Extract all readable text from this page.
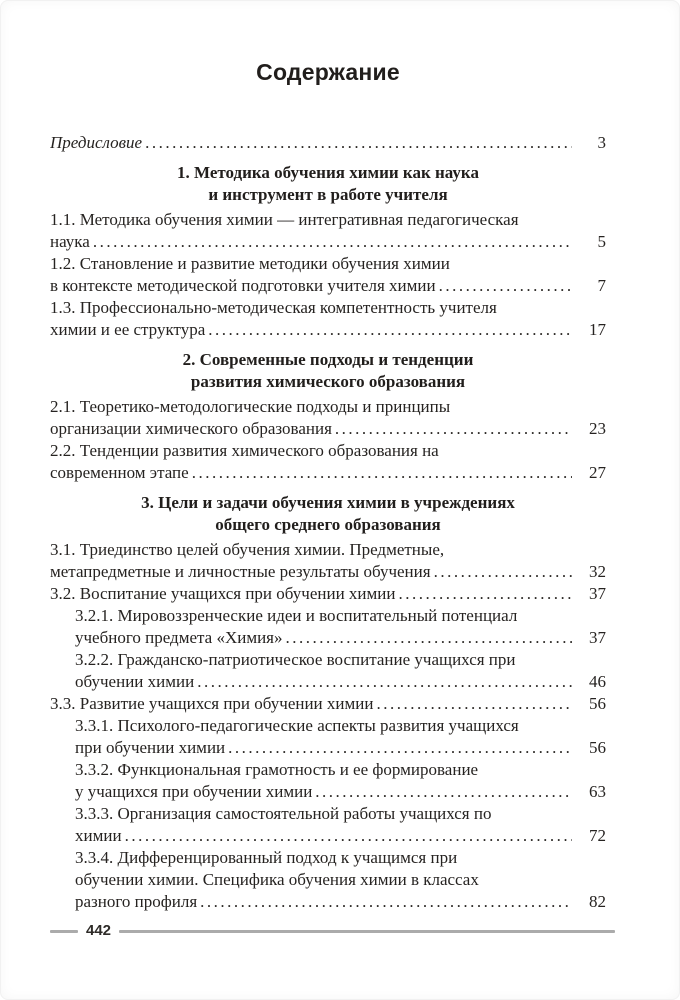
Содержание
Предисловие .....	3
1. Методика обучения химии как наука
и инструмент в работе учителя
1.1. Методика обучения химии — интегративная педагогическая
наука .....	5
1.2. Становление и развитие методики обучения химии
в контексте методической подготовки учителя химии .....	7
1.3. Профессионально-методическая компетентность учителя
химии и ее структура .....	17
2. Современные подходы и тенденции
развития химического образования
2.1. Теоретико-методологические подходы и принципы
организации химического образования .....	23
2.2. Тенденции развития химического образования на
современном этапе .....	27
3. Цели и задачи обучения химии в учреждениях
общего среднего образования
3.1. Триединство целей обучения химии. Предметные,
метапредметные и личностные результаты обучения .....	32
3.2. Воспитание учащихся при обучении химии .....	37
3.2.1. Мировоззренческие идеи и воспитательный потенциал
учебного предмета «Химия» .....	37
3.2.2. Гражданско-патриотическое воспитание учащихся при
обучении химии .....	46
3.3. Развитие учащихся при обучении химии .....	56
3.3.1. Психолого-педагогические аспекты развития учащихся
при обучении химии .....	56
3.3.2. Функциональная грамотность и ее формирование
у учащихся при обучении химии .....	63
3.3.3. Организация самостоятельной работы учащихся по
химии .....	72
3.3.4. Дифференцированный подход к учащимся при
обучении химии. Специфика обучения химии в классах
разного профиля .....	82
442
